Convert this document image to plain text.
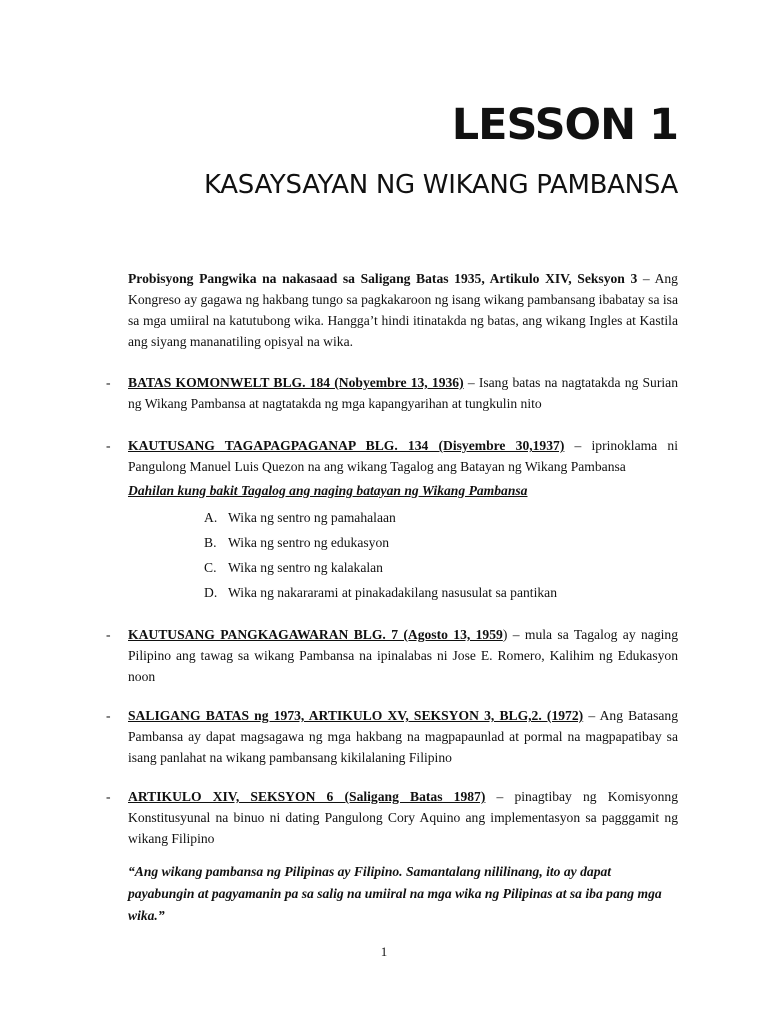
LESSON 1
KASAYSAYAN NG WIKANG PAMBANSA

Probisyong Pangwika na nakasaad sa Saligang Batas 1935, Artikulo XIV, Seksyon 3 – Ang Kongreso ay gagawa ng hakbang tungo sa pagkakaroon ng isang wikang pambansang ibabatay sa isa sa mga umiiral na katutubong wika. Hangga’t hindi itinatakda ng batas, ang wikang Ingles at Kastila ang siyang mananatiling opisyal na wika.

- BATAS KOMONWELT BLG. 184 (Nobyembre 13, 1936) – Isang batas na nagtatakda ng Surian ng Wikang Pambansa at nagtatakda ng mga kapangyarihan at tungkulin nito

- KAUTUSANG TAGAPAGPAGANAP BLG. 134 (Disyembre 30,1937) – iprinoklama ni Pangulong Manuel Luis Quezon na ang wikang Tagalog ang Batayan ng Wikang Pambansa

Dahilan kung bakit Tagalog ang naging batayan ng Wikang Pambansa

A. Wika ng sentro ng pamahalaan
B. Wika ng sentro ng edukasyon
C. Wika ng sentro ng kalakalan
D. Wika ng nakararami at pinakadakilang nasusulat sa pantikan

- KAUTUSANG PANGKAGAWARAN BLG. 7 (Agosto 13, 1959) – mula sa Tagalog ay naging Pilipino ang tawag sa wikang Pambansa na ipinalabas ni Jose E. Romero, Kalihim ng Edukasyon noon

- SALIGANG BATAS ng 1973, ARTIKULO XV, SEKSYON 3, BLG,2. (1972) – Ang Batasang Pambansa ay dapat magsagawa ng mga hakbang na magpapaunlad at pormal na magpapatibay sa isang panlahat na wikang pambansang kikilalaning Filipino

- ARTIKULO XIV, SEKSYON 6 (Saligang Batas 1987) – pinagtibay ng Komisyonng Konstitusyunal na binuo ni dating Pangulong Cory Aquino ang implementasyon sa pagggamit ng wikang Filipino

“Ang wikang pambansa ng Pilipinas ay Filipino. Samantalang nililinang, ito ay dapat payabungin at pagyamanin pa sa salig na umiiral na mga wika ng Pilipinas at sa iba pang mga wika.”

1
